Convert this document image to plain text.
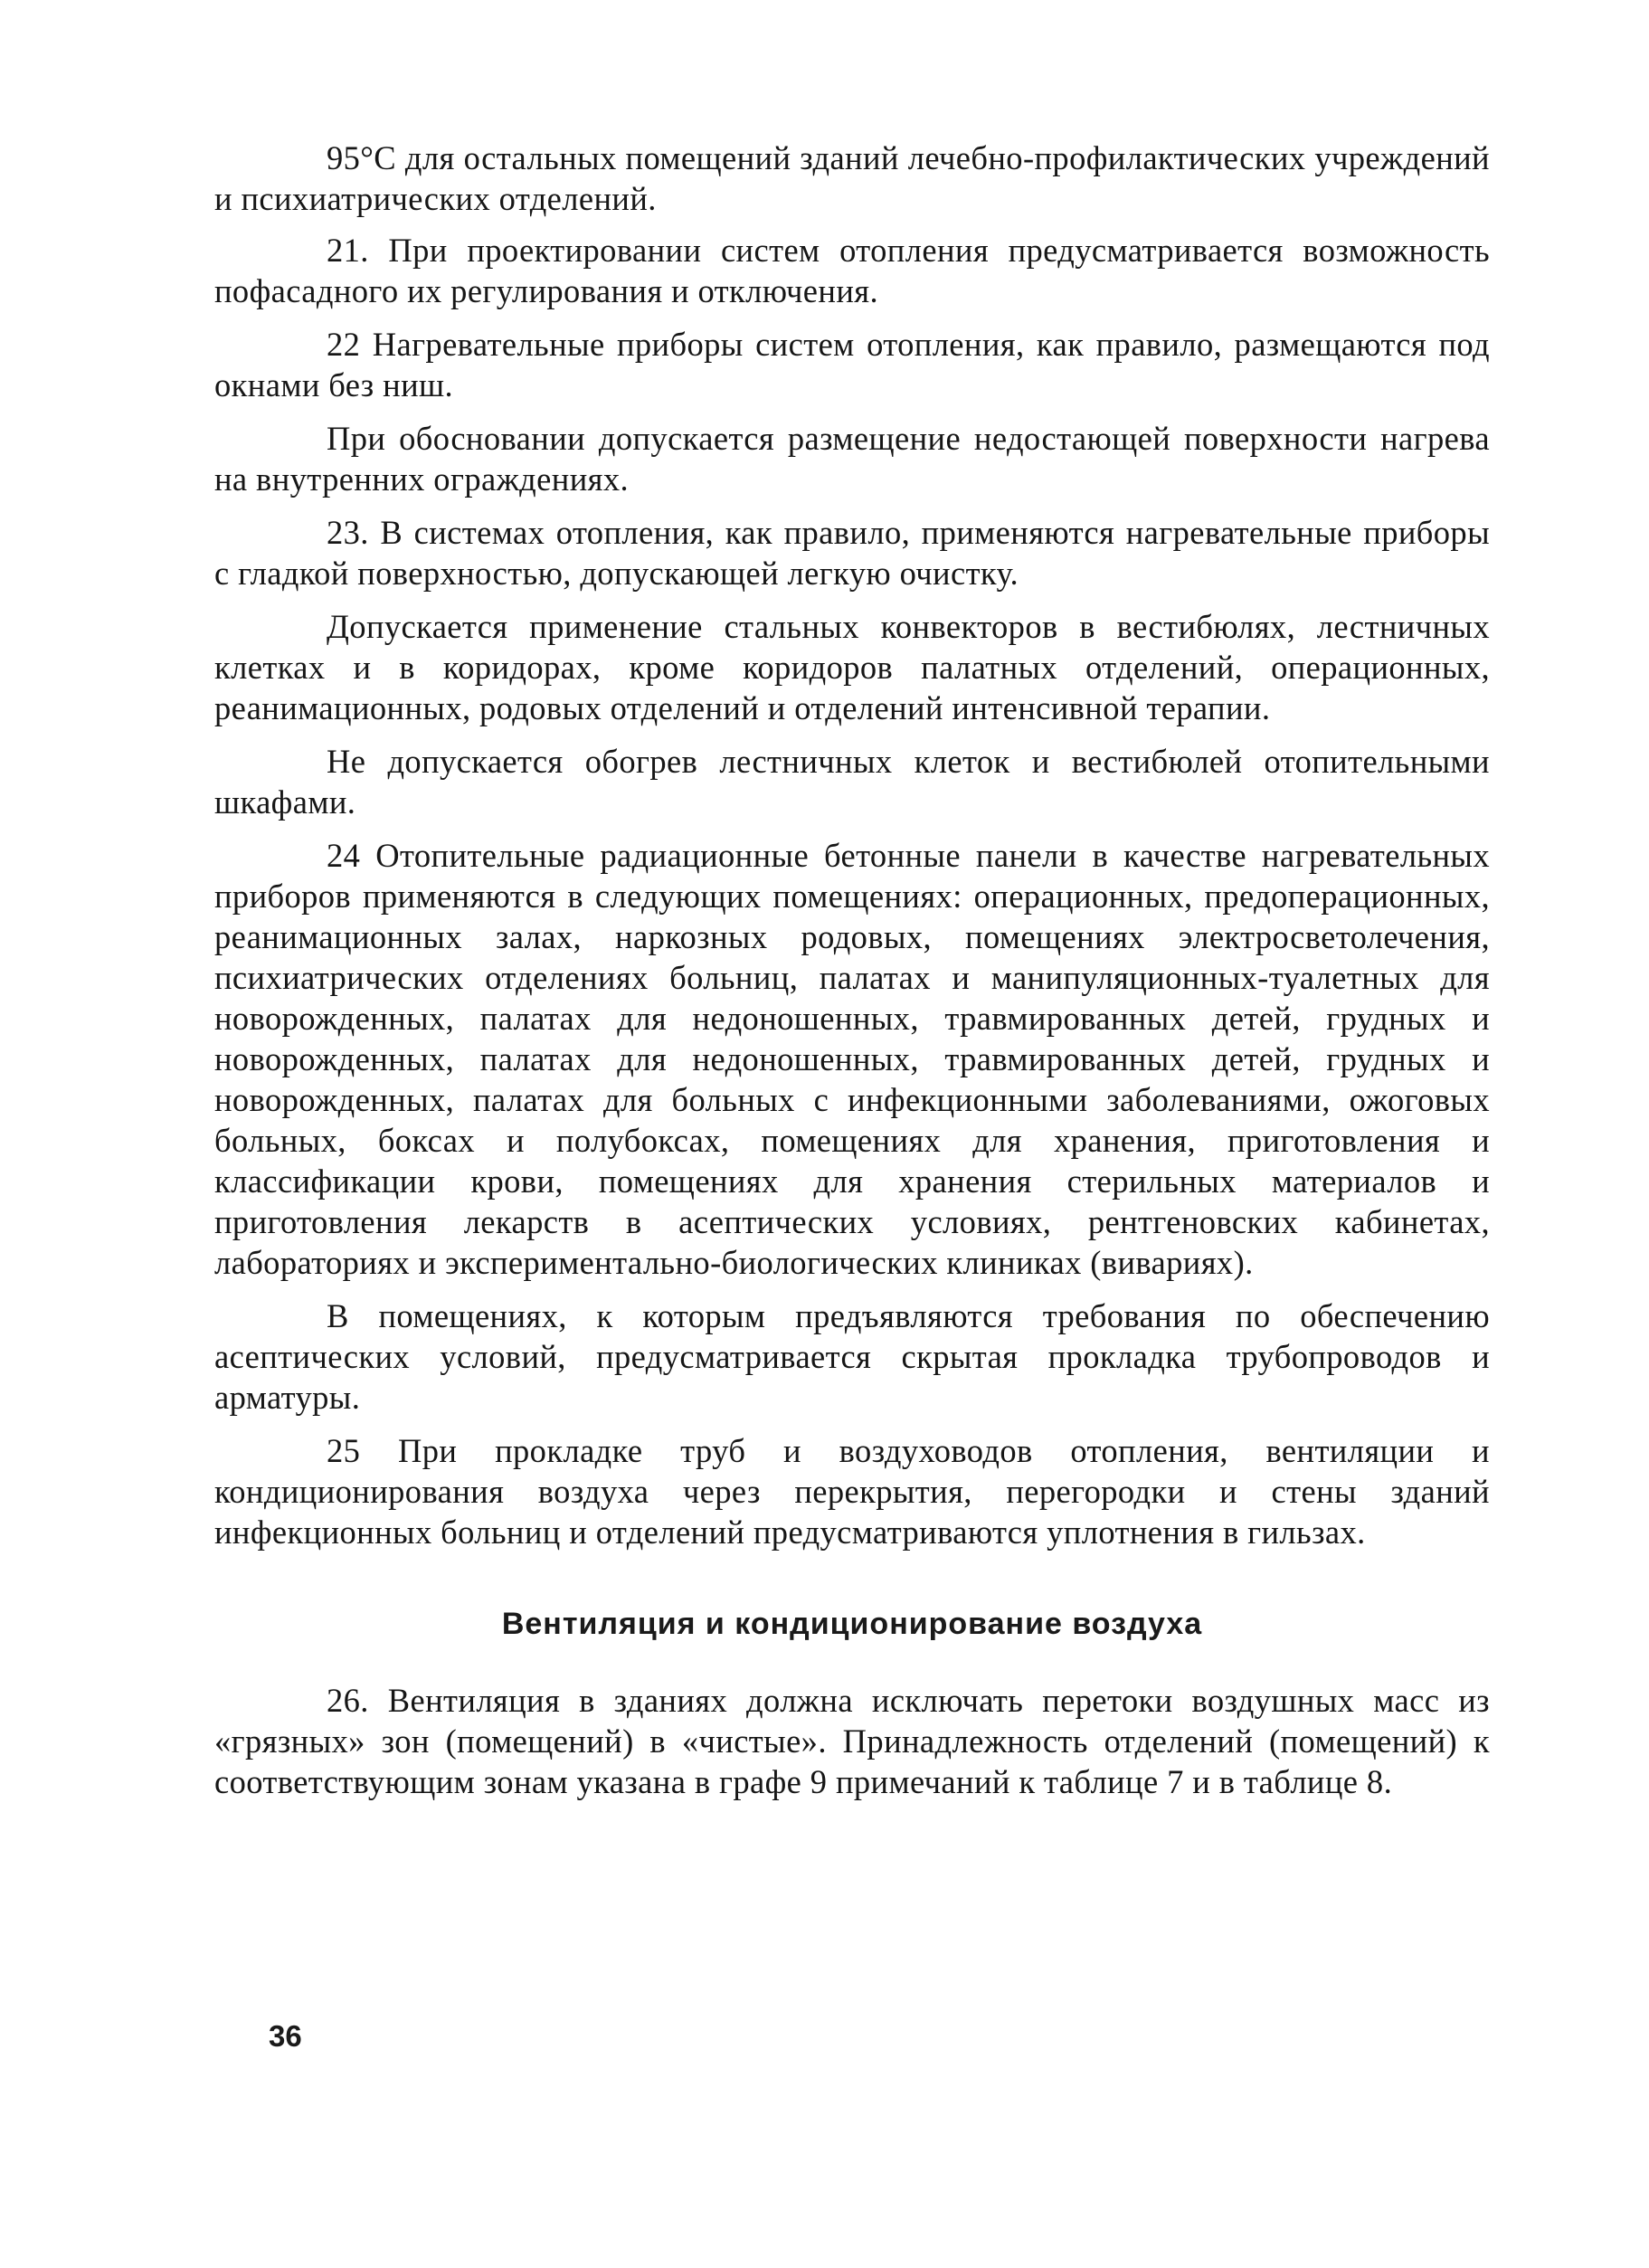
95°С для остальных помещений зданий лечебно-профилактических учреждений и психиатрических отделений.

21. При проектировании систем отопления предусматривается возможность пофасадного их регулирования и отключения.

22 Нагревательные приборы систем отопления, как правило, размещаются под окнами без ниш.

При обосновании допускается размещение недостающей поверхности нагрева на внутренних ограждениях.

23. В системах отопления, как правило, применяются нагревательные приборы с гладкой поверхностью, допускающей легкую очистку.

Допускается применение стальных конвекторов в вестибюлях, лестничных клетках и в коридорах, кроме коридоров палатных отделений, операционных, реанимационных, родовых отделений и отделений интенсивной терапии.

Не допускается обогрев лестничных клеток и вестибюлей отопительными шкафами.

24 Отопительные радиационные бетонные панели в качестве нагревательных приборов применяются в следующих помещениях: операционных, предоперационных, реанимационных залах, наркозных родовых, помещениях электросветолечения, психиатрических отделениях больниц, палатах и манипуляционных-туалетных для новорожденных, палатах для недоношенных, травмированных детей, грудных и новорожденных, палатах для недоношенных, травмированных детей, грудных и новорожденных, палатах для больных с инфекционными заболеваниями, ожоговых больных, боксах и полубоксах, помещениях для хранения, приготовления и классификации крови, помещениях для хранения стерильных материалов и приготовления лекарств в асептических условиях, рентгеновских кабинетах, лабораториях и экспериментально-биологических клиниках (вивариях).

В помещениях, к которым предъявляются требования по обеспечению асептических условий, предусматривается скрытая прокладка трубопроводов и арматуры.

25 При прокладке труб и воздуховодов отопления, вентиляции и кондиционирования воздуха через перекрытия, перегородки и стены зданий инфекционных больниц и отделений предусматриваются уплотнения в гильзах.

Вентиляция и кондиционирование воздуха

26. Вентиляция в зданиях должна исключать перетоки воздушных масс из «грязных» зон (помещений) в «чистые». Принадлежность отделений (помещений) к соответствующим зонам указана в графе 9 примечаний к таблице 7 и в таблице 8.

36
